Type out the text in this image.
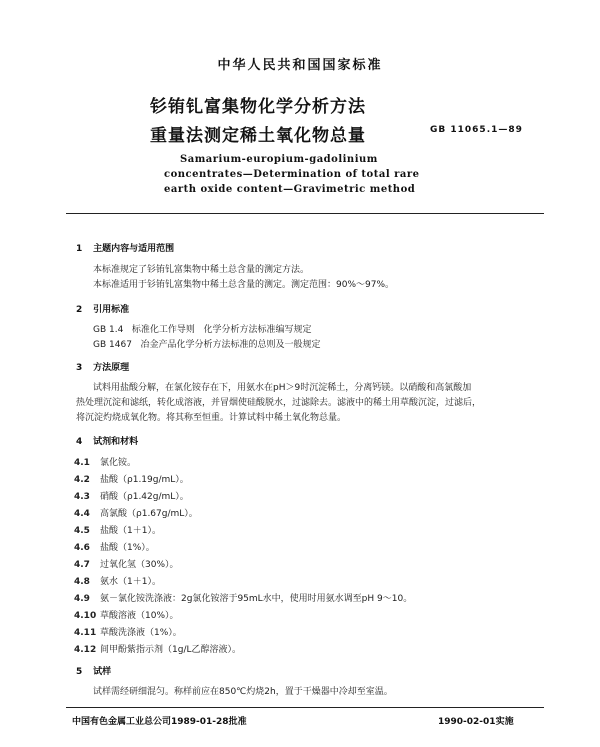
中华人民共和国国家标准
钐铕钆富集物化学分析方法
重量法测定稀土氧化物总量	GB 11065.1—89
Samarium-europium-gadolinium
concentrates—Determination of total rare
earth oxide content—Gravimetric method
1 主题内容与适用范围
本标准规定了钐铕钆富集物中稀土总含量的测定方法。
本标准适用于钐铕钆富集物中稀土总含量的测定。测定范围：90%～97%。
2 引用标准
GB 1.4   标准化工作导则   化学分析方法标准编写规定
GB 1467   冶金产品化学分析方法标准的总则及一般规定
3 方法原理
试料用盐酸分解，在氯化铵存在下，用氨水在pH＞9时沉淀稀土，分离钙镁。以硝酸和高氯酸加
热处理沉淀和滤纸，转化成溶液，并冒烟使硅酸脱水，过滤除去。滤液中的稀土用草酸沉淀，过滤后，
将沉淀灼烧成氧化物。将其称至恒重。计算试料中稀土氧化物总量。
4 试剂和材料
4.1 氯化铵。
4.2 盐酸（ρ1.19g/mL）。
4.3 硝酸（ρ1.42g/mL）。
4.4 高氯酸（ρ1.67g/mL）。
4.5 盐酸（1＋1）。
4.6 盐酸（1%）。
4.7 过氧化氢（30%）。
4.8 氨水（1＋1）。
4.9 氨－氯化铵洗涤液：2g氯化铵溶于95mL水中，使用时用氨水调至pH 9～10。
4.10 草酸溶液（10%）。
4.11 草酸洗涤液（1%）。
4.12 间甲酚紫指示剂（1g/L乙醇溶液）。
5 试样
试样需经研细混匀。称样前应在850℃灼烧2h，置于干燥器中冷却至室温。
中国有色金属工业总公司1989-01-28批准	1990-02-01实施
